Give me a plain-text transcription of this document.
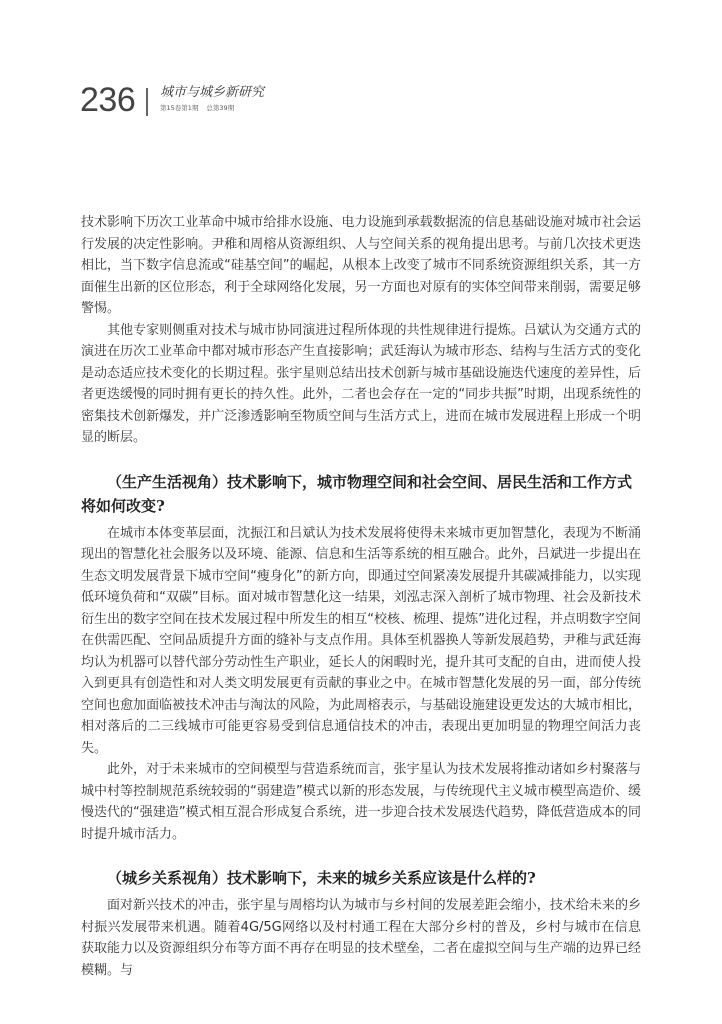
236 城市与城乡新研究
第15卷第1期 总第39期

技术影响下历次工业革命中城市给排水设施、电力设施到承载数据流的信息基础设施对城市社会运行发展的决定性影响。尹稚和周榕从资源组织、人与空间关系的视角提出思考。与前几次技术更迭相比，当下数字信息流或“硅基空间”的崛起，从根本上改变了城市不同系统资源组织关系，其一方面催生出新的区位形态，利于全球网络化发展，另一方面也对原有的实体空间带来削弱，需要足够警惕。

其他专家则侧重对技术与城市协同演进过程所体现的共性规律进行提炼。吕斌认为交通方式的演进在历次工业革命中都对城市形态产生直接影响；武廷海认为城市形态、结构与生活方式的变化是动态适应技术变化的长期过程。张宇星则总结出技术创新与城市基础设施迭代速度的差异性，后者更迭缓慢的同时拥有更长的持久性。此外，二者也会存在一定的“同步共振”时期，出现系统性的密集技术创新爆发，并广泛渗透影响至物质空间与生活方式上，进而在城市发展进程上形成一个明显的断层。

（生产生活视角）技术影响下，城市物理空间和社会空间、居民生活和工作方式将如何改变?

在城市本体变革层面，沈振江和吕斌认为技术发展将使得未来城市更加智慧化，表现为不断涌现出的智慧化社会服务以及环境、能源、信息和生活等系统的相互融合。此外，吕斌进一步提出在生态文明发展背景下城市空间“瘦身化”的新方向，即通过空间紧凑发展提升其碳减排能力，以实现低环境负荷和“双碳”目标。面对城市智慧化这一结果，刘泓志深入剖析了城市物理、社会及新技术衍生出的数字空间在技术发展过程中所发生的相互“校核、梳理、提炼”进化过程，并点明数字空间在供需匹配、空间品质提升方面的缝补与支点作用。具体至机器换人等新发展趋势，尹稚与武廷海均认为机器可以替代部分劳动性生产职业，延长人的闲暇时光，提升其可支配的自由，进而使人投入到更具有创造性和对人类文明发展更有贡献的事业之中。在城市智慧化发展的另一面，部分传统空间也愈加面临被技术冲击与淘汰的风险，为此周榕表示，与基础设施建设更发达的大城市相比，相对落后的二三线城市可能更容易受到信息通信技术的冲击，表现出更加明显的物理空间活力丧失。

此外，对于未来城市的空间模型与营造系统而言，张宇星认为技术发展将推动诸如乡村聚落与城中村等控制规范系统较弱的“弱建造”模式以新的形态发展，与传统现代主义城市模型高造价、缓慢迭代的“强建造”模式相互混合形成复合系统，进一步迎合技术发展迭代趋势，降低营造成本的同时提升城市活力。

（城乡关系视角）技术影响下，未来的城乡关系应该是什么样的?

面对新兴技术的冲击，张宇星与周榕均认为城市与乡村间的发展差距会缩小，技术给未来的乡村振兴发展带来机遇。随着4G/5G网络以及村村通工程在大部分乡村的普及，乡村与城市在信息获取能力以及资源组织分布等方面不再存在明显的技术壁垒，二者在虚拟空间与生产端的边界已经模糊。与
